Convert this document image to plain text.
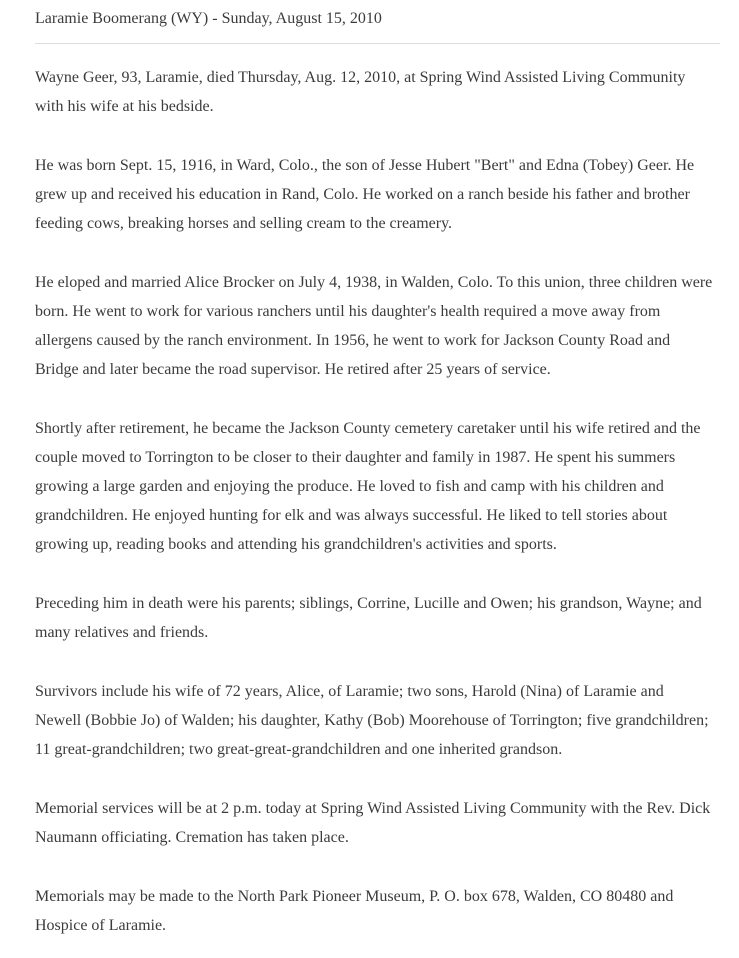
Laramie Boomerang (WY) - Sunday, August 15, 2010

Wayne Geer, 93, Laramie, died Thursday, Aug. 12, 2010, at Spring Wind Assisted Living Community with his wife at his bedside.

He was born Sept. 15, 1916, in Ward, Colo., the son of Jesse Hubert "Bert" and Edna (Tobey) Geer. He grew up and received his education in Rand, Colo. He worked on a ranch beside his father and brother feeding cows, breaking horses and selling cream to the creamery.

He eloped and married Alice Brocker on July 4, 1938, in Walden, Colo. To this union, three children were born. He went to work for various ranchers until his daughter's health required a move away from allergens caused by the ranch environment. In 1956, he went to work for Jackson County Road and Bridge and later became the road supervisor. He retired after 25 years of service.

Shortly after retirement, he became the Jackson County cemetery caretaker until his wife retired and the couple moved to Torrington to be closer to their daughter and family in 1987. He spent his summers growing a large garden and enjoying the produce. He loved to fish and camp with his children and grandchildren. He enjoyed hunting for elk and was always successful. He liked to tell stories about growing up, reading books and attending his grandchildren's activities and sports.

Preceding him in death were his parents; siblings, Corrine, Lucille and Owen; his grandson, Wayne; and many relatives and friends.

Survivors include his wife of 72 years, Alice, of Laramie; two sons, Harold (Nina) of Laramie and Newell (Bobbie Jo) of Walden; his daughter, Kathy (Bob) Moorehouse of Torrington; five grandchildren; 11 great-grandchildren; two great-great-grandchildren and one inherited grandson.

Memorial services will be at 2 p.m. today at Spring Wind Assisted Living Community with the Rev. Dick Naumann officiating. Cremation has taken place.

Memorials may be made to the North Park Pioneer Museum, P. O. box 678, Walden, CO 80480 and Hospice of Laramie.
